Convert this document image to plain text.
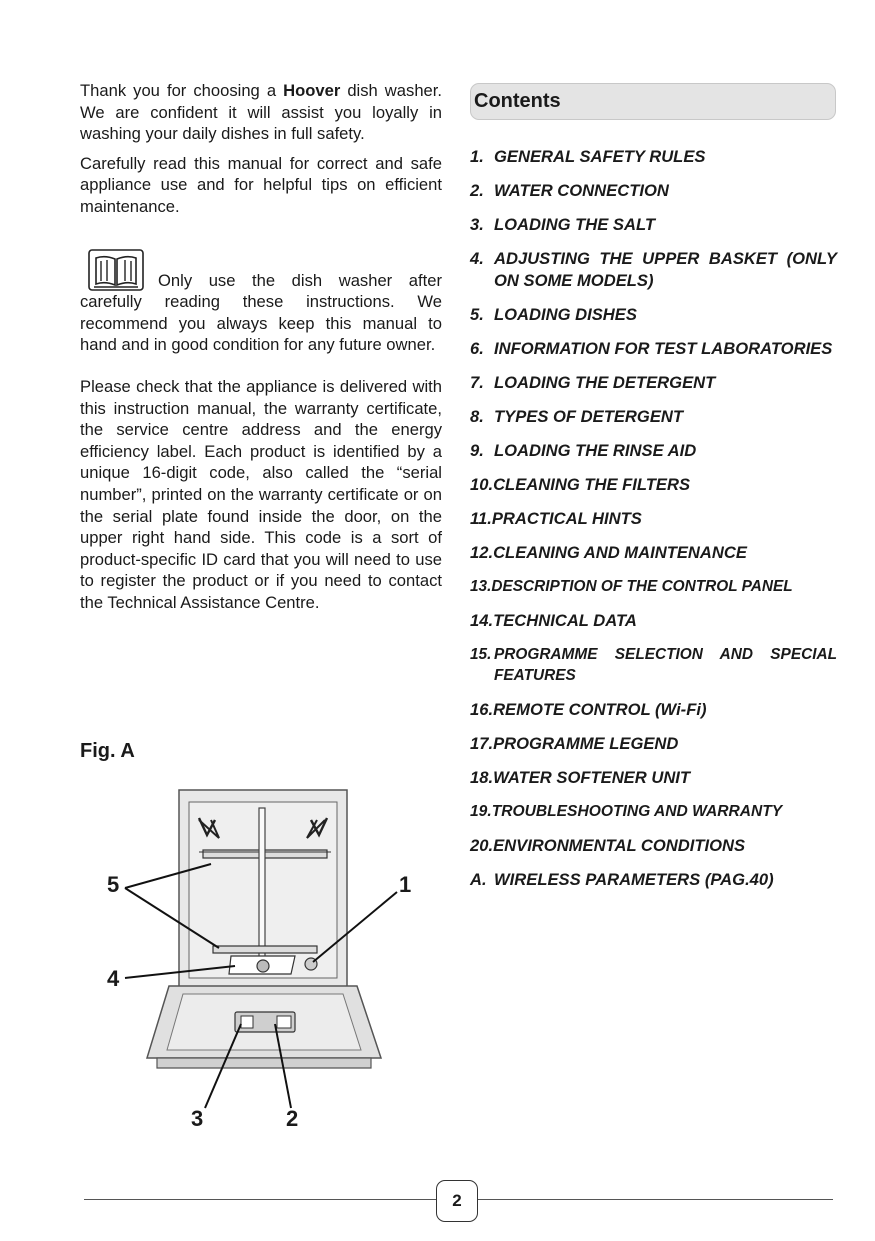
Thank you for choosing a Hoover dish washer. We are confident it will assist you loyally in washing your daily dishes in full safety.

Carefully read this manual for correct and safe appliance use and for helpful tips on efficient maintenance.

Only use the dish washer after carefully reading these instructions. We recommend you always keep this manual to hand and in good condition for any future owner.

Please check that the appliance is delivered with this instruction manual, the warranty certificate, the service centre address and the energy efficiency label. Each product is identified by a unique 16-digit code, also called the “serial number”, printed on the warranty certificate or on the serial plate found inside the door, on the upper right hand side. This code is a sort of product-specific ID card that you will need to use to register the product or if you need to contact the Technical Assistance Centre.

Fig. A
5	1
4
3	2
Contents
1. GENERAL SAFETY RULES
2. WATER CONNECTION
3. LOADING THE SALT
4. ADJUSTING THE UPPER BASKET (ONLY ON SOME MODELS)
5. LOADING DISHES
6. INFORMATION FOR TEST LABORATORIES
7. LOADING THE DETERGENT
8. TYPES OF DETERGENT
9. LOADING THE RINSE AID
10. CLEANING THE FILTERS
11. PRACTICAL HINTS
12. CLEANING AND MAINTENANCE
13. DESCRIPTION OF THE CONTROL PANEL
14. TECHNICAL DATA
15. PROGRAMME SELECTION AND SPECIAL FEATURES
16. REMOTE CONTROL (Wi-Fi)
17. PROGRAMME LEGEND
18. WATER SOFTENER UNIT
19. TROUBLESHOOTING AND WARRANTY
20. ENVIRONMENTAL CONDITIONS
A. WIRELESS PARAMETERS (PAG.40)
2
